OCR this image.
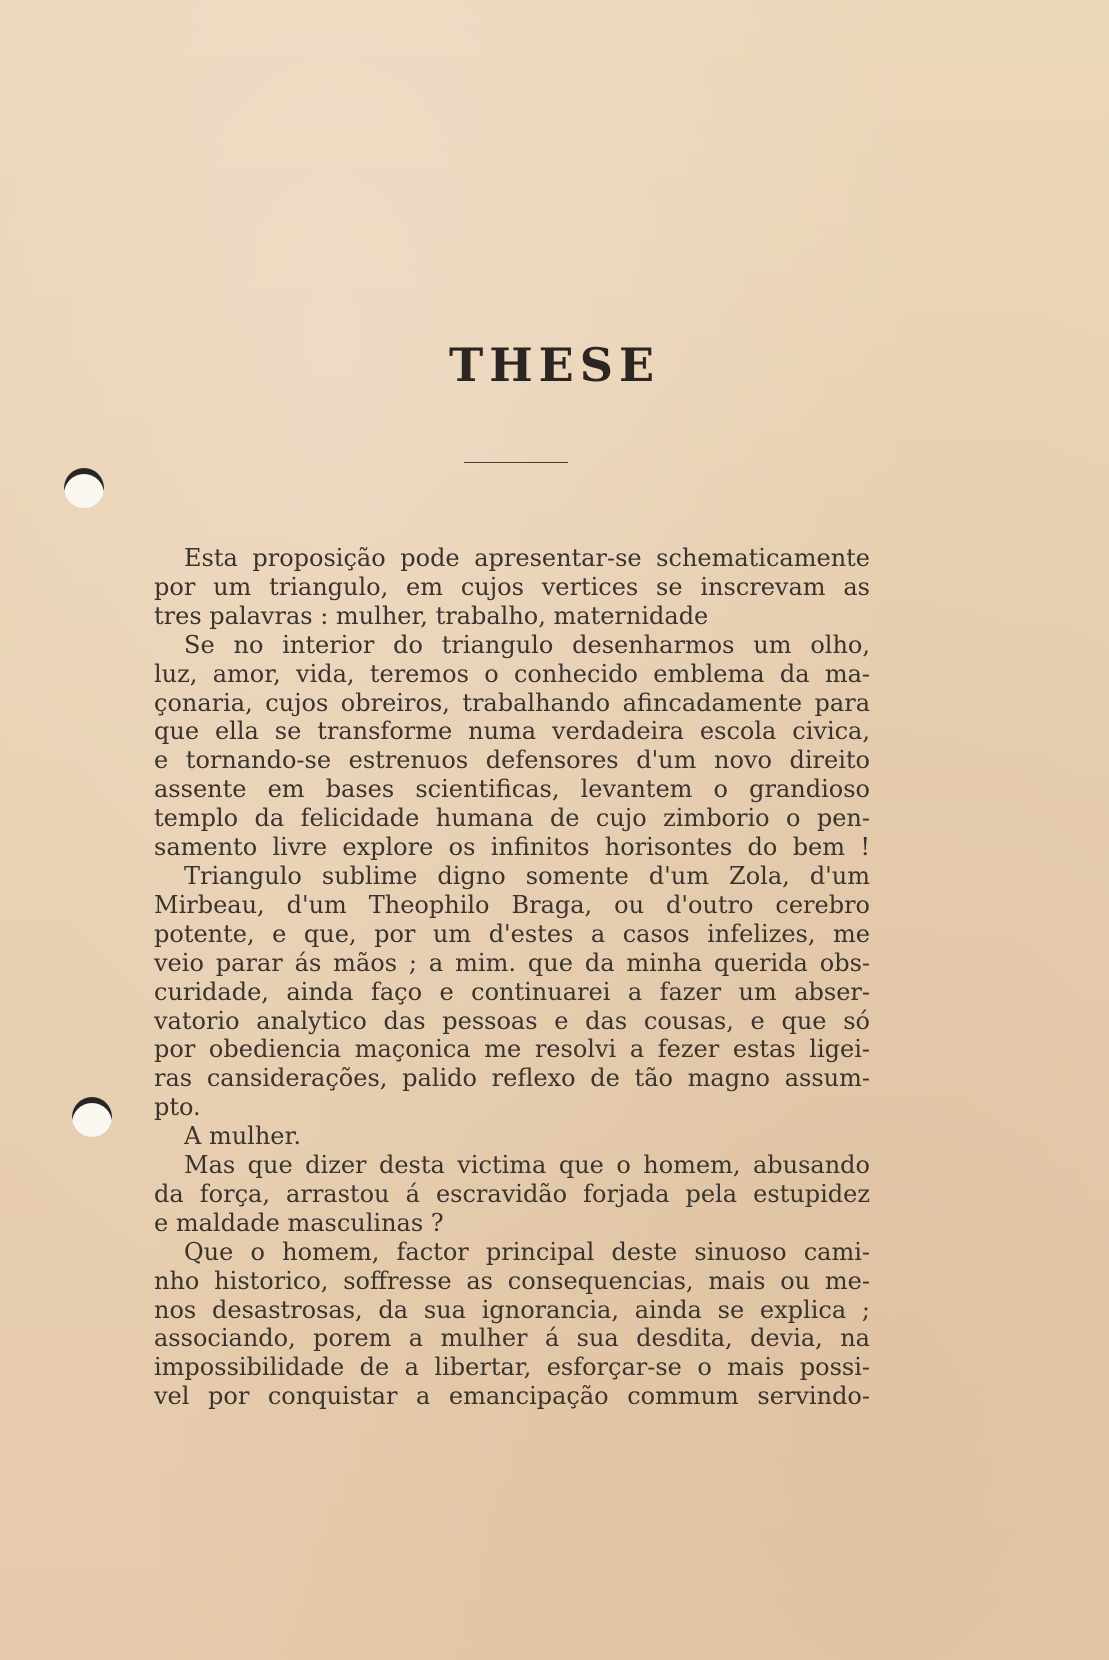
THESE
Esta proposição pode apresentar-se schematicamente
por um triangulo, em cujos vertices se inscrevam as
tres palavras : mulher, trabalho, maternidade
Se no interior do triangulo desenharmos um olho,
luz, amor, vida, teremos o conhecido emblema da ma-
çonaria, cujos obreiros, trabalhando afincadamente para
que ella se transforme numa verdadeira escola civica,
e tornando-se estrenuos defensores d'um novo direito
assente em bases scientificas, levantem o grandioso
templo da felicidade humana de cujo zimborio o pen-
samento livre explore os infinitos horisontes do bem !
Triangulo sublime digno somente d'um Zola, d'um
Mirbeau, d'um Theophilo Braga, ou d'outro cerebro
potente, e que, por um d'estes a casos infelizes, me
veio parar ás mãos ; a mim. que da minha querida obs-
curidade, ainda faço e continuarei a fazer um abser-
vatorio analytico das pessoas e das cousas, e que só
por obediencia maçonica me resolvi a fezer estas ligei-
ras cansiderações, palido reflexo de tão magno assum-
pto.
A mulher.
Mas que dizer desta victima que o homem, abusando
da força, arrastou á escravidão forjada pela estupidez
e maldade masculinas ?
Que o homem, factor principal deste sinuoso cami-
nho historico, soffresse as consequencias, mais ou me-
nos desastrosas, da sua ignorancia, ainda se explica ;
associando, porem a mulher á sua desdita, devia, na
impossibilidade de a libertar, esforçar-se o mais possi-
vel por conquistar a emancipação commum servindo-
